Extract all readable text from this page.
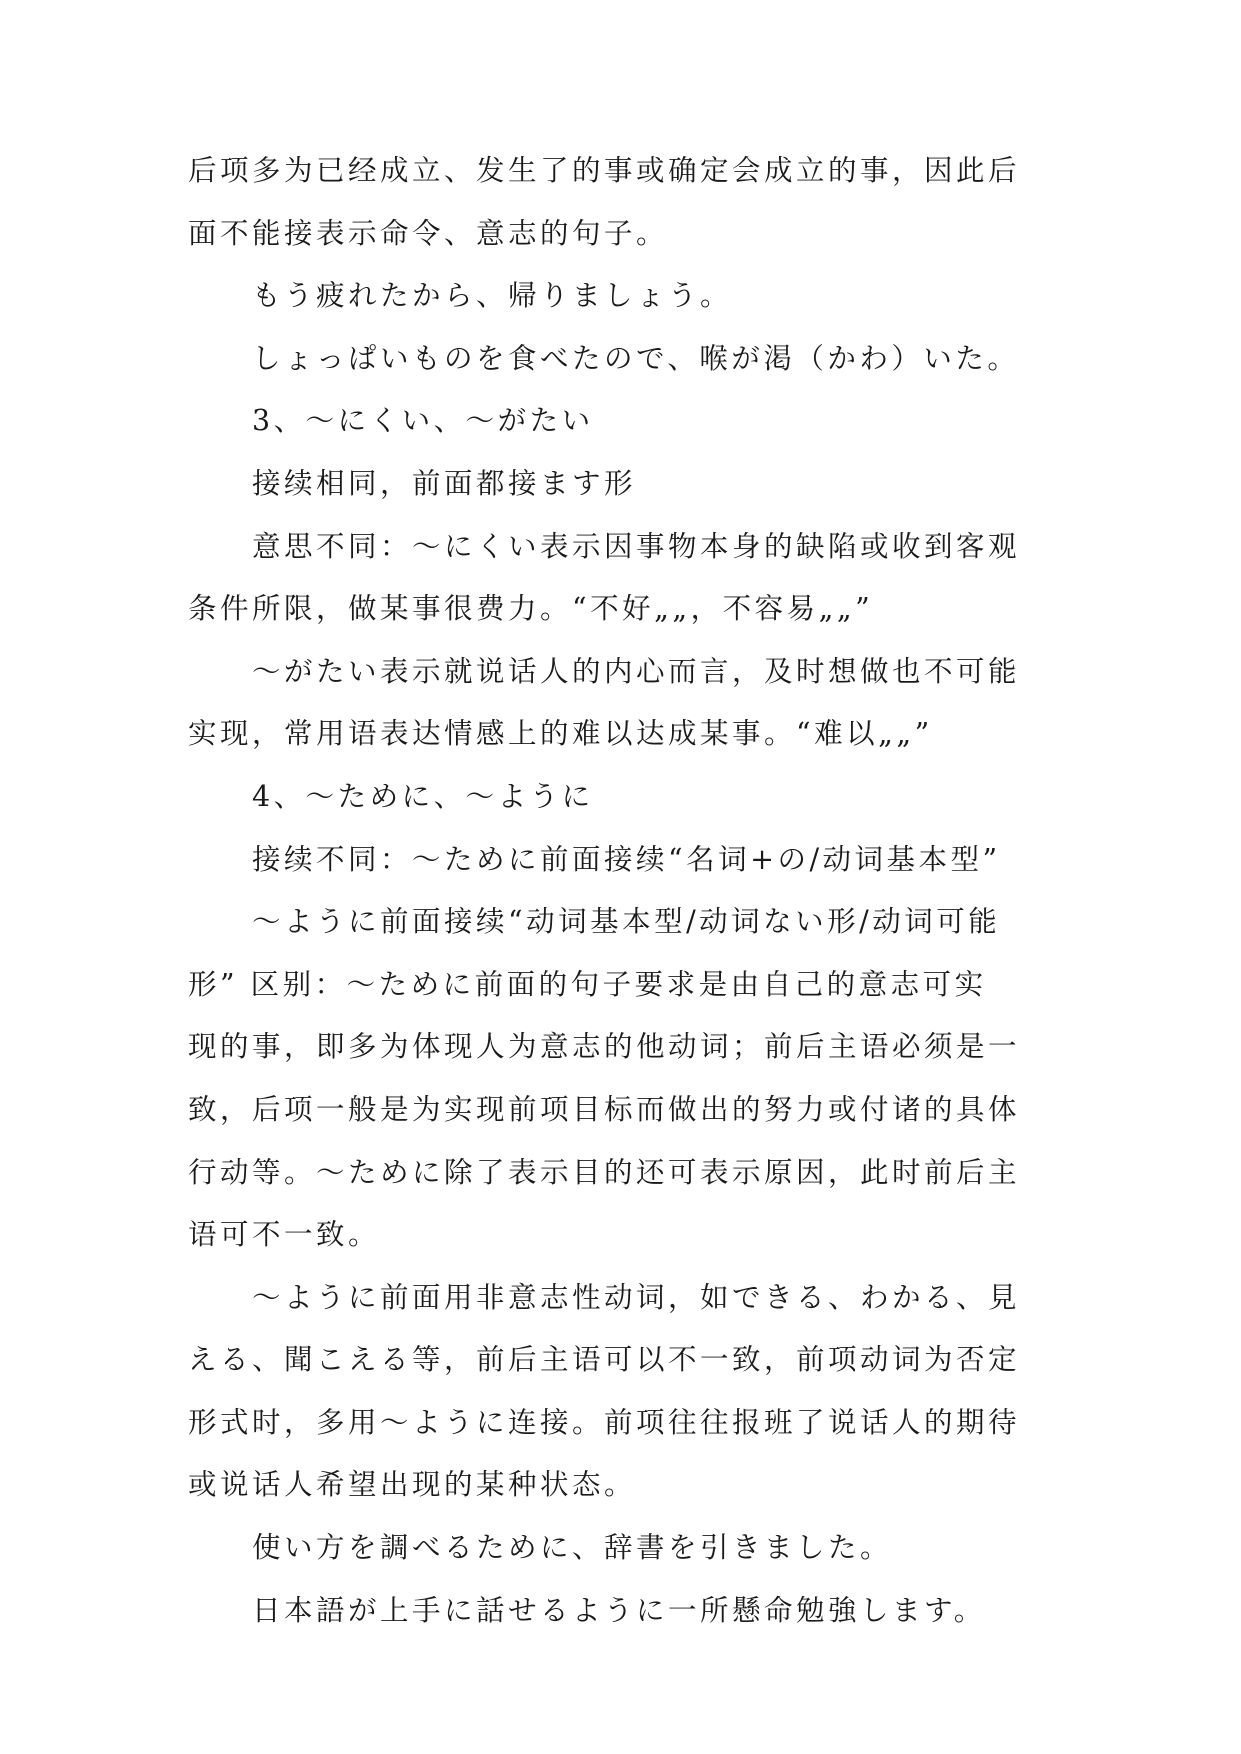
后项多为已经成立、发生了的事或确定会成立的事，因此后
面不能接表示命令、意志的句子。
もう疲れたから、帰りましょう。
しょっぱいものを食べたので、喉が渇（かわ）いた。
3、～にくい、～がたい
接续相同，前面都接ます形
意思不同：～にくい表示因事物本身的缺陷或收到客观
条件所限，做某事很费力。“不好„„，不容易„„”
～がたい表示就说话人的内心而言，及时想做也不可能
实现，常用语表达情感上的难以达成某事。“难以„„”
4、～ために、～ように
接续不同：～ために前面接续“名词+の/动词基本型”
～ように前面接续“动词基本型/动词ない形/动词可能
形” 区别：～ために前面的句子要求是由自己的意志可实
现的事，即多为体现人为意志的他动词；前后主语必须是一
致，后项一般是为实现前项目标而做出的努力或付诸的具体
行动等。～ために除了表示目的还可表示原因，此时前后主
语可不一致。
～ように前面用非意志性动词，如できる、わかる、見
える、聞こえる等，前后主语可以不一致，前项动词为否定
形式时，多用～ように连接。前项往往报班了说话人的期待
或说话人希望出现的某种状态。
使い方を調べるために、辞書を引きました。
日本語が上手に話せるように一所懸命勉強します。
